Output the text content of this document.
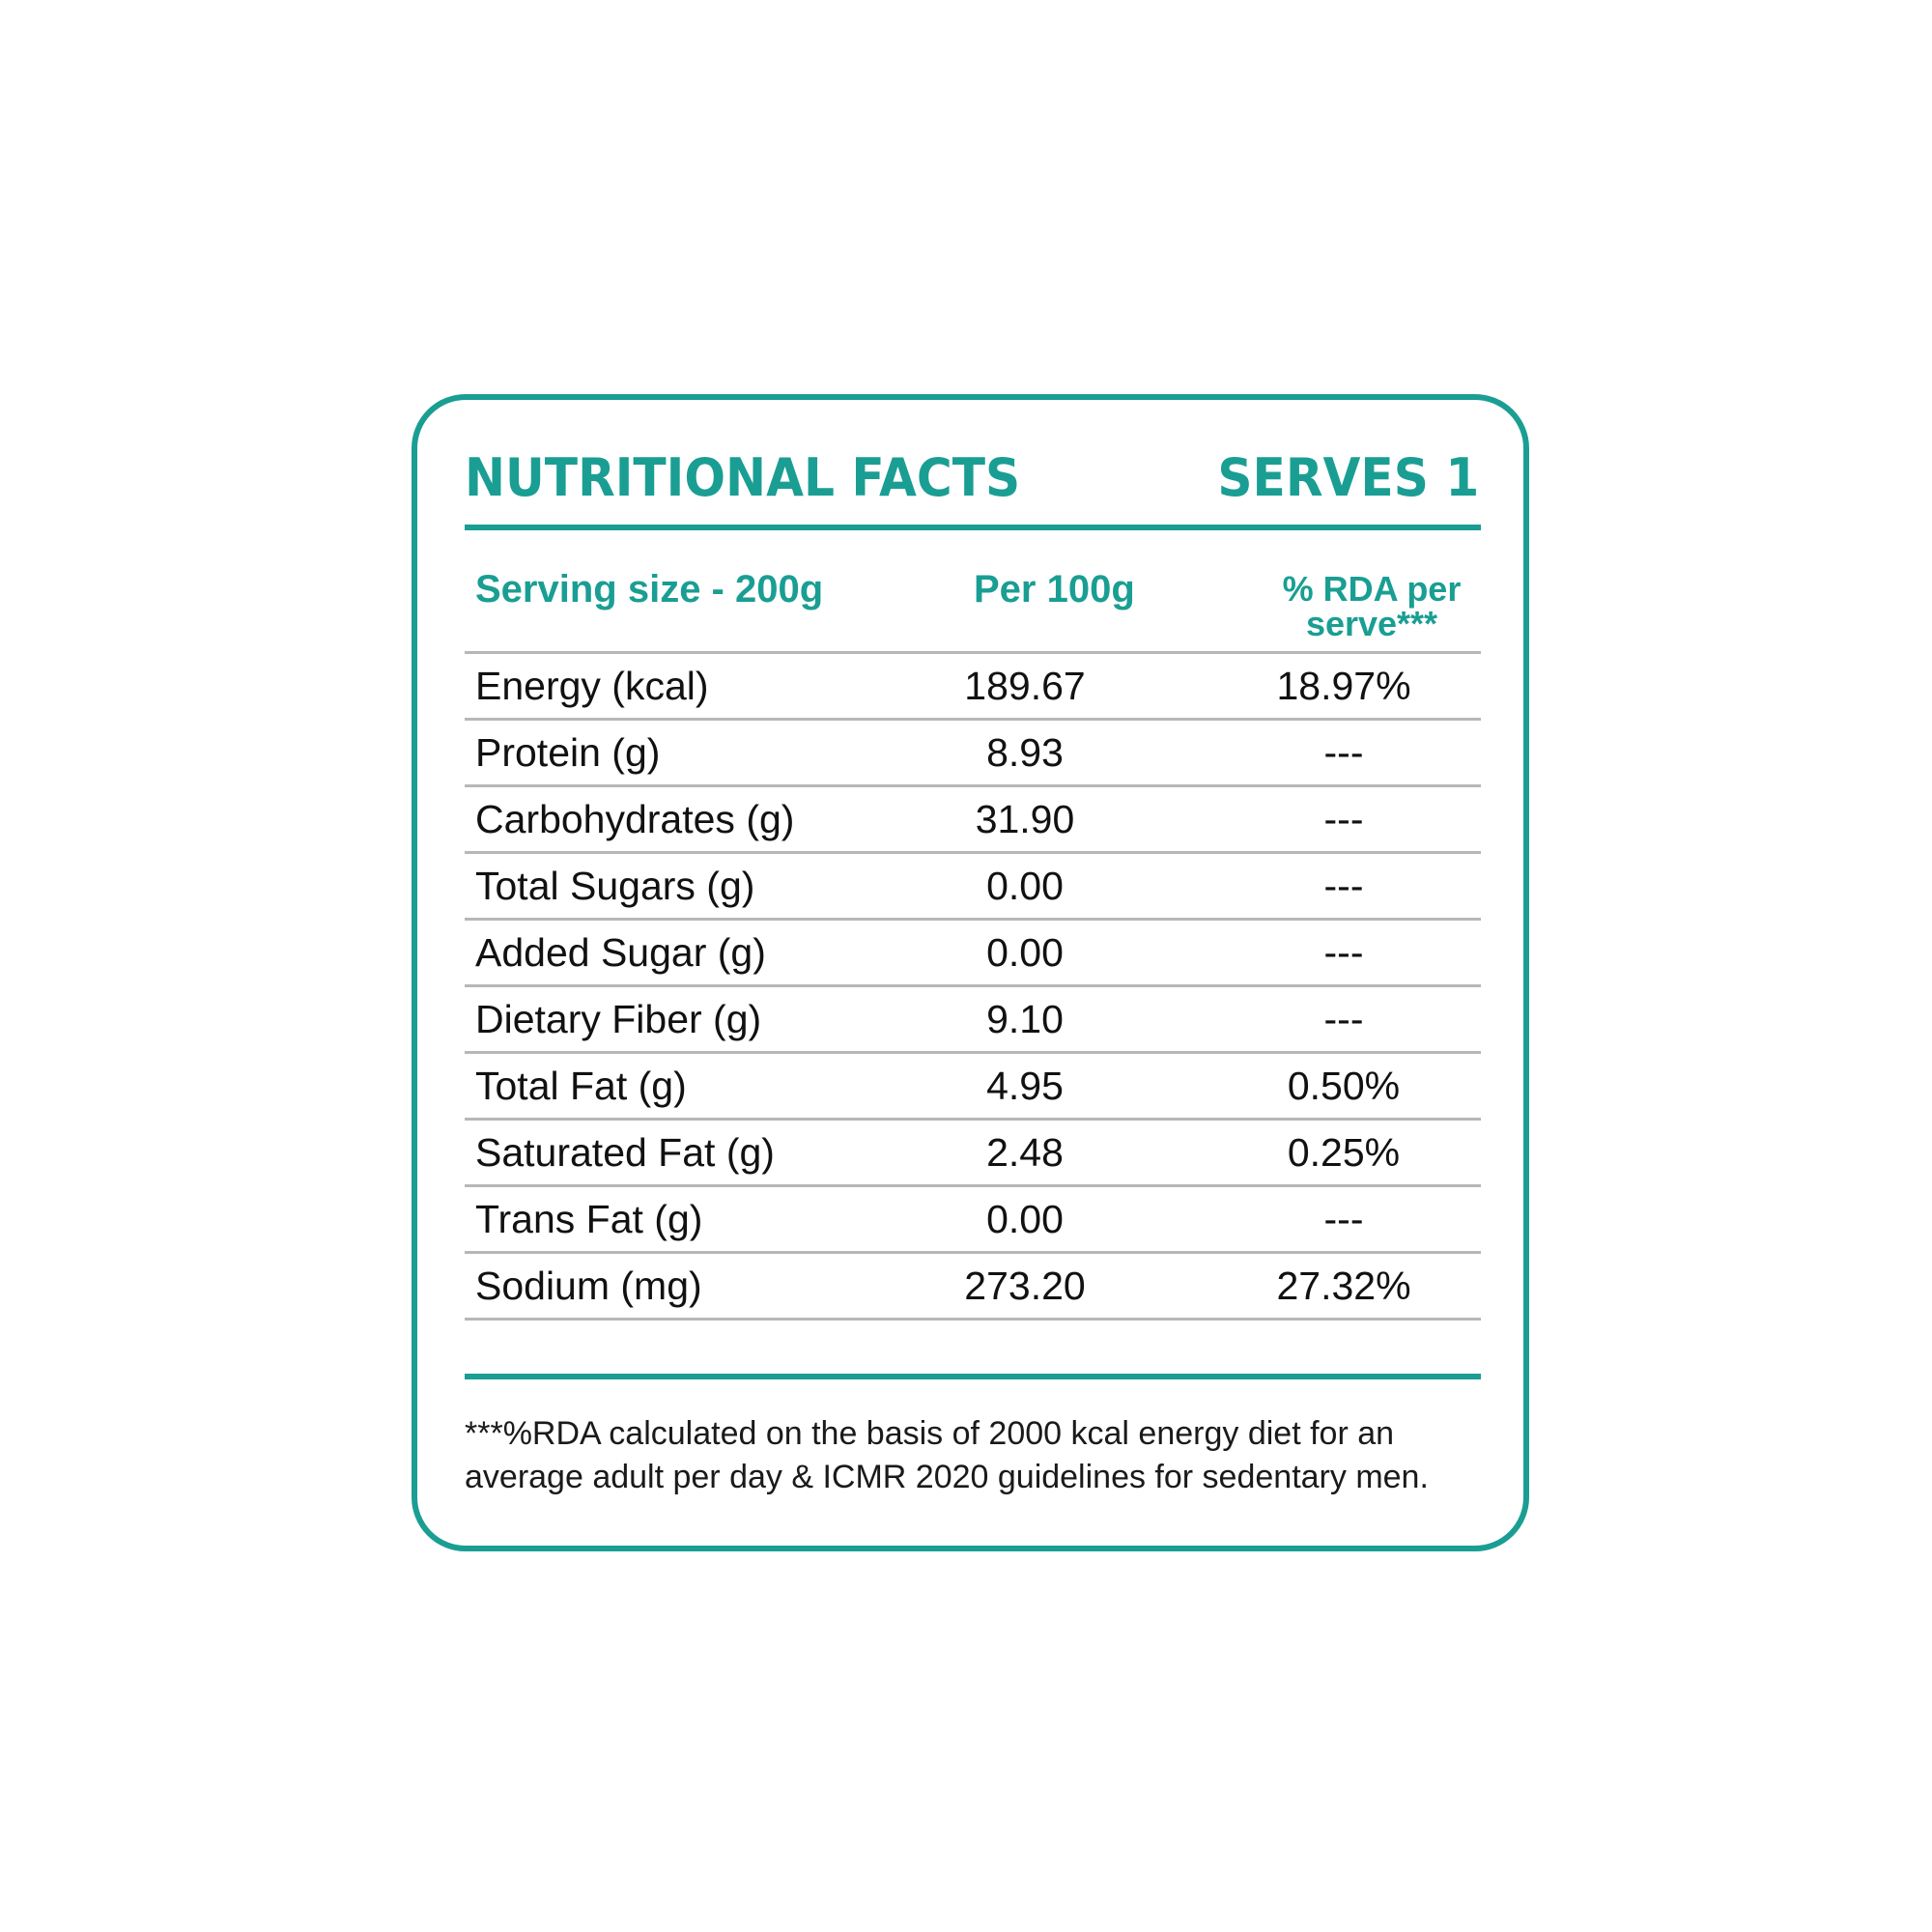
NUTRITIONAL FACTS	SERVES 1
Serving size - 200g	Per 100g	% RDA per serve***
Energy (kcal)	189.67	18.97%
Protein (g)	8.93	---
Carbohydrates (g)	31.90	---
Total Sugars (g)	0.00	---
Added Sugar (g)	0.00	---
Dietary Fiber (g)	9.10	---
Total Fat (g)	4.95	0.50%
Saturated Fat (g)	2.48	0.25%
Trans Fat (g)	0.00	---
Sodium (mg)	273.20	27.32%
***%RDA calculated on the basis of 2000 kcal energy diet for an
average adult per day & ICMR 2020 guidelines for sedentary men.
